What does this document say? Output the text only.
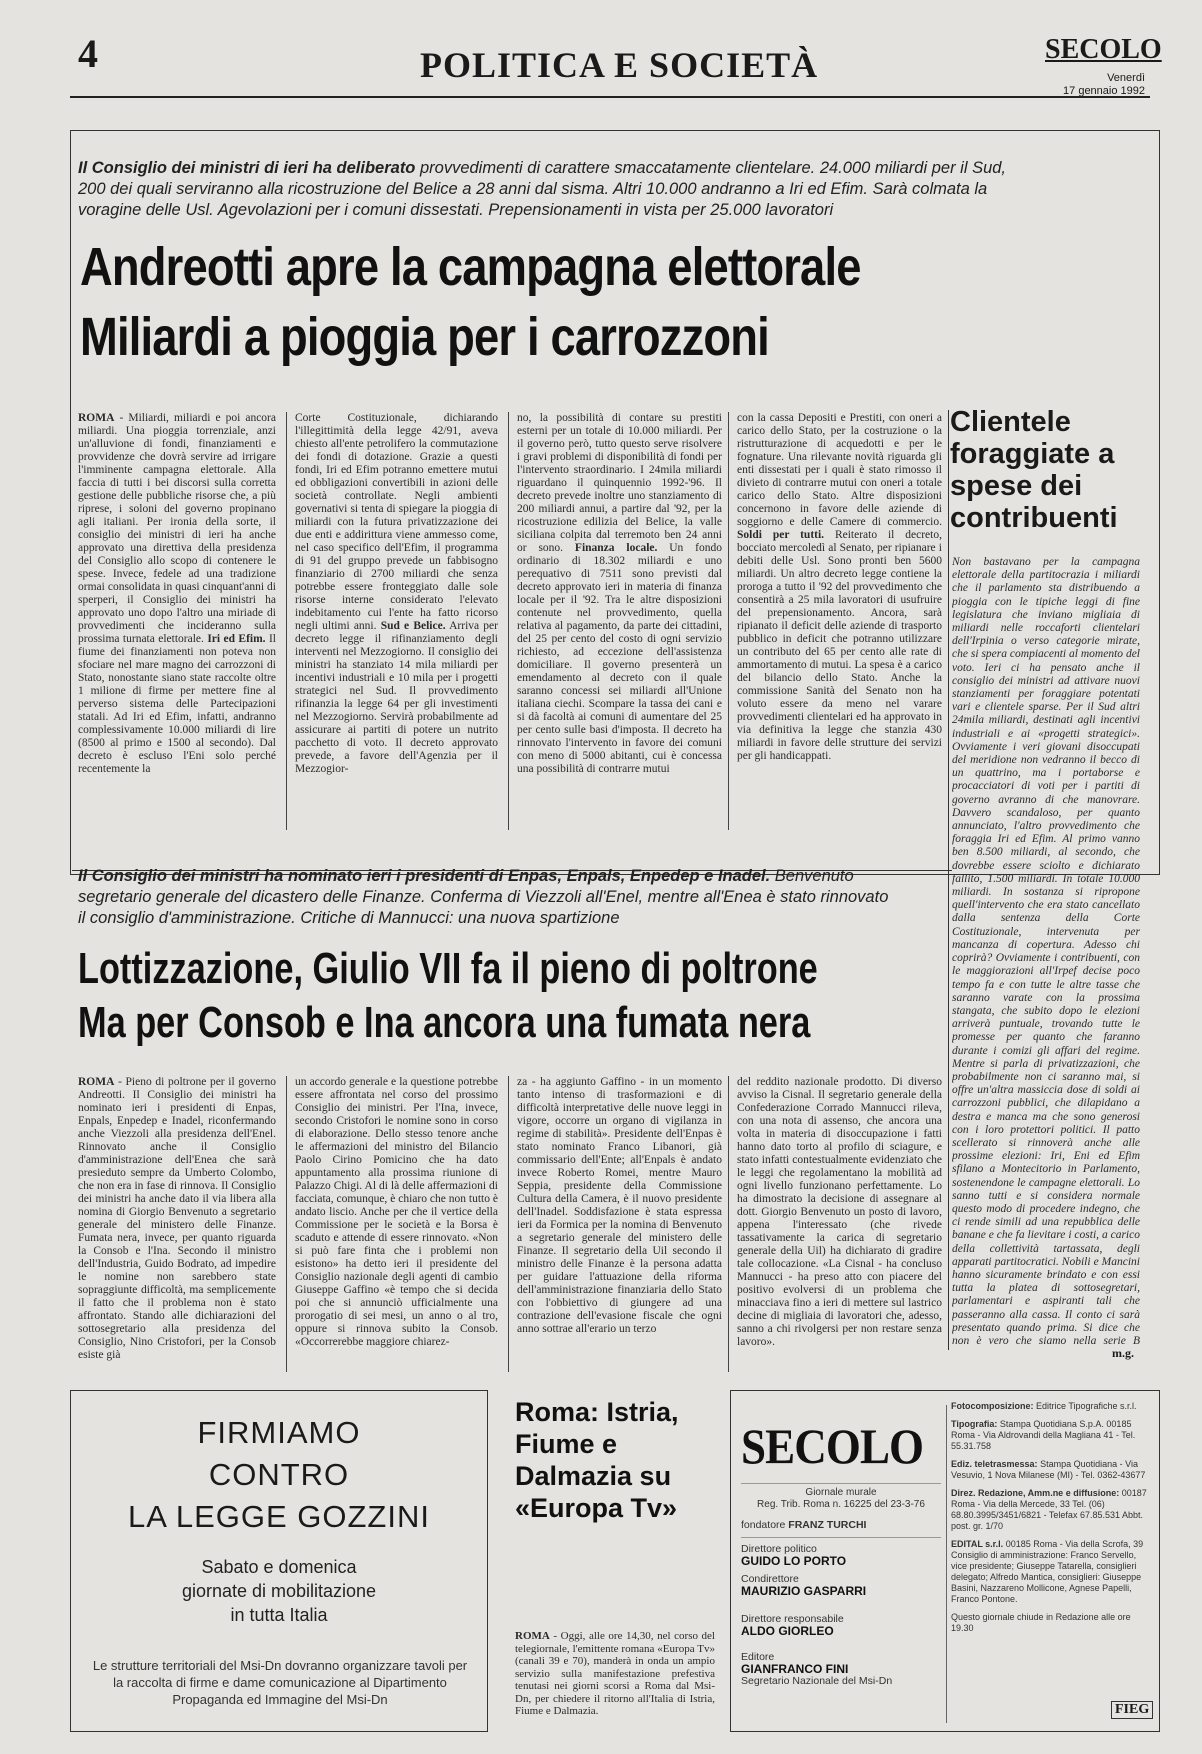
4	POLITICA E SOCIETÀ	SECOLO
Venerdì
17 gennaio 1992
Il Consiglio dei ministri di ieri ha deliberato provvedimenti di carattere smaccatamente clientelare. 24.000 miliardi per il Sud, 200 dei quali serviranno alla ricostruzione del Belice a 28 anni dal sisma. Altri 10.000 andranno a Iri ed Efim. Sarà colmata la voragine delle Usl. Agevolazioni per i comuni dissestati. Prepensionamenti in vista per 25.000 lavoratori
Andreotti apre la campagna elettorale
Miliardi a pioggia per i carrozzoni
ROMA - Miliardi, miliardi e poi ancora miliardi. Una pioggia torrenziale, anzi un'alluvione di fondi, finanziamenti e provvidenze che dovrà servire ad irrigare l'imminente campagna elettorale. Alla faccia di tutti i bei discorsi sulla corretta gestione delle pubbliche risorse che, a più riprese, i soloni del governo propinano agli italiani. Per ironia della sorte, il consiglio dei ministri di ieri ha anche approvato una direttiva della presidenza del Consiglio allo scopo di contenere le spese. Invece, fedele ad una tradizione ormai consolidata in quasi cinquant'anni di sperperi, il Consiglio dei ministri ha approvato uno dopo l'altro una miriade di provvedimenti che incideranno sulla prossima turnata elettorale. Iri ed Efim. Il fiume dei finanziamenti non poteva non sfociare nel mare magno dei carrozzoni di Stato, nonostante siano state raccolte oltre 1 milione di firme per mettere fine al perverso sistema delle Partecipazioni statali. Ad Iri ed Efim, infatti, andranno complessivamente 10.000 miliardi di lire (8500 al primo e 1500 al secondo). Dal decreto è escluso l'Eni solo perché recentemente la
Corte Costituzionale, dichiarando l'illegittimità della legge 42/91, aveva chiesto all'ente petrolifero la commutazione dei fondi di dotazione. Grazie a questi fondi, Iri ed Efim potranno emettere mutui ed obbligazioni convertibili in azioni delle società controllate. Negli ambienti governativi si tenta di spiegare la pioggia di miliardi con la futura privatizzazione dei due enti e addirittura viene ammesso come, nel caso specifico dell'Efim, il programma di 91 del gruppo prevede un fabbisogno finanziario di 2700 miliardi che senza potrebbe essere fronteggiato dalle sole risorse interne considerato l'elevato indebitamento cui l'ente ha fatto ricorso negli ultimi anni. Sud e Belice. Arriva per decreto legge il rifinanziamento degli interventi nel Mezzogiorno. Il consiglio dei ministri ha stanziato 14 mila miliardi per incentivi industriali e 10 mila per i progetti strategici nel Sud. Il provvedimento rifinanzia la legge 64 per gli investimenti nel Mezzogiorno. Servirà probabilmente ad assicurare ai partiti di potere un nutrito pacchetto di voto. Il decreto approvato prevede, a favore dell'Agenzia per il Mezzogior-
no, la possibilità di contare su prestiti esterni per un totale di 10.000 miliardi. Per il governo però, tutto questo serve risolvere i gravi problemi di disponibilità di fondi per l'intervento straordinario. I 24mila miliardi riguardano il quinquennio 1992-'96. Il decreto prevede inoltre uno stanziamento di 200 miliardi annui, a partire dal '92, per la ricostruzione edilizia del Belice, la valle siciliana colpita dal terremoto ben 24 anni or sono. Finanza locale. Un fondo ordinario di 18.302 miliardi e uno perequativo di 7511 sono previsti dal decreto approvato ieri in materia di finanza locale per il '92. Tra le altre disposizioni contenute nel provvedimento, quella relativa al pagamento, da parte dei cittadini, del 25 per cento del costo di ogni servizio richiesto, ad eccezione dell'assistenza domiciliare. Il governo presenterà un emendamento al decreto con il quale saranno concessi sei miliardi all'Unione italiana ciechi. Scompare la tassa dei cani e si dà facoltà ai comuni di aumentare del 25 per cento sulle basi d'imposta. Il decreto ha rinnovato l'intervento in favore dei comuni con meno di 5000 abitanti, cui è concessa una possibilità di contrarre mutui
con la cassa Depositi e Prestiti, con oneri a carico dello Stato, per la costruzione o la ristrutturazione di acquedotti e per le fognature. Una rilevante novità riguarda gli enti dissestati per i quali è stato rimosso il divieto di contrarre mutui con oneri a totale carico dello Stato. Altre disposizioni concernono in favore delle aziende di soggiorno e delle Camere di commercio. Soldi per tutti. Reiterato il decreto, bocciato mercoledì al Senato, per ripianare i debiti delle Usl. Sono pronti ben 5600 miliardi. Un altro decreto legge contiene la proroga a tutto il '92 del provvedimento che consentirà a 25 mila lavoratori di usufruire del prepensionamento. Ancora, sarà ripianato il deficit delle aziende di trasporto pubblico in deficit che potranno utilizzare un contributo del 65 per cento alle rate di ammortamento di mutui. La spesa è a carico del bilancio dello Stato. Anche la commissione Sanità del Senato non ha voluto essere da meno nel varare provvedimenti clientelari ed ha approvato in via definitiva la legge che stanzia 430 miliardi in favore delle strutture dei servizi per gli handicappati.
Clientele foraggiate a spese dei contribuenti
Non bastavano per la campagna elettorale della partitocrazia i miliardi che il parlamento sta distribuendo a pioggia con le tipiche leggi di fine legislatura che inviano migliaia di miliardi nelle roccaforti clientelari dell'Irpinia o verso categorie mirate, che si spera compiacenti al momento del voto. Ieri ci ha pensato anche il consiglio dei ministri ad attivare nuovi stanziamenti per foraggiare potentati vari e clientele sparse. Per il Sud altri 24mila miliardi, destinati agli incentivi industriali e ai «progetti strategici». Ovviamente i veri giovani disoccupati del meridione non vedranno il becco di un quattrino, ma i portaborse e procacciatori di voti per i partiti di governo avranno di che manovrare. Davvero scandaloso, per quanto annunciato, l'altro provvedimento che foraggia Iri ed Efim. Al primo vanno ben 8.500 miliardi, al secondo, che dovrebbe essere sciolto e dichiarato fallito, 1.500 miliardi. In totale 10.000 miliardi. In sostanza si ripropone quell'intervento che era stato cancellato dalla sentenza della Corte Costituzionale, intervenuta per mancanza di copertura. Adesso chi coprirà? Ovviamente i contribuenti, con le maggiorazioni all'Irpef decise poco tempo fa e con tutte le altre tasse che saranno varate con la prossima stangata, che subito dopo le elezioni arriverà puntuale, trovando tutte le promesse per quanto che faranno durante i comizi gli affari del regime. Mentre si parla di privatizzazioni, che probabilmente non ci saranno mai, si offre un'altra massiccia dose di soldi ai carrozzoni pubblici, che dilapidano a destra e manca ma che sono generosi con i loro protettori politici. Il patto scellerato si rinnoverà anche alle prossime elezioni: Iri, Eni ed Efim sfilano a Montecitorio in Parlamento, sostenendone le campagne elettorali. Lo sanno tutti e si considera normale questo modo di procedere indegno, che ci rende simili ad una repubblica delle banane e che fa lievitare i costi, a carico della collettività tartassata, degli apparati partitocratici. Nobili e Mancini hanno sicuramente brindato e con essi tutta la platea di sottosegretari, parlamentari e aspiranti tali che passeranno alla cassa. Il conto ci sarà presentato quando prima. Si dice che non è vero che siamo nella serie B
m.g.
Il Consiglio dei ministri ha nominato ieri i presidenti di Enpas, Enpals, Enpedep e Inadel. Benvenuto segretario generale del dicastero delle Finanze. Conferma di Viezzoli all'Enel, mentre all'Enea è stato rinnovato il consiglio d'amministrazione. Critiche di Mannucci: una nuova spartizione
Lottizzazione, Giulio VII fa il pieno di poltrone
Ma per Consob e Ina ancora una fumata nera
ROMA - Pieno di poltrone per il governo Andreotti. Il Consiglio dei ministri ha nominato ieri i presidenti di Enpas, Enpals, Enpedep e Inadel, riconfermando anche Viezzoli alla presidenza dell'Enel. Rinnovato anche il Consiglio d'amministrazione dell'Enea che sarà presieduto sempre da Umberto Colombo, che non era in fase di rinnova. Il Consiglio dei ministri ha anche dato il via libera alla nomina di Giorgio Benvenuto a segretario generale del ministero delle Finanze. Fumata nera, invece, per quanto riguarda la Consob e l'Ina. Secondo il ministro dell'Industria, Guido Bodrato, ad impedire le nomine non sarebbero state sopraggiunte difficoltà, ma semplicemente il fatto che il problema non è stato affrontato. Stando alle dichiarazioni del sottosegretario alla presidenza del Consiglio, Nino Cristofori, per la Consob esiste già
un accordo generale e la questione potrebbe essere affrontata nel corso del prossimo Consiglio dei ministri. Per l'Ina, invece, secondo Cristofori le nomine sono in corso di elaborazione. Dello stesso tenore anche le affermazioni del ministro del Bilancio Paolo Cirino Pomicino che ha dato appuntamento alla prossima riunione di Palazzo Chigi. Al di là delle affermazioni di facciata, comunque, è chiaro che non tutto è andato liscio. Anche per che il vertice della Commissione per le società e la Borsa è scaduto e attende di essere rinnovato. «Non si può fare finta che i problemi non esistono» ha detto ieri il presidente del Consiglio nazionale degli agenti di cambio Giuseppe Gaffino «è tempo che si decida poi che si annunciò ufficialmente una prorogatio di sei mesi, un anno o al tro, oppure si rinnova subito la Consob. «Occorrerebbe maggiore chiarez-
za - ha aggiunto Gaffino - in un momento tanto intenso di trasformazioni e di difficoltà interpretative delle nuove leggi in vigore, occorre un organo di vigilanza in regime di stabilità». Presidente dell'Enpas è stato nominato Franco Libanori, già commissario dell'Ente; all'Enpals è andato invece Roberto Romei, mentre Mauro Seppia, presidente della Commissione Cultura della Camera, è il nuovo presidente dell'Inadel. Soddisfazione è stata espressa ieri da Formica per la nomina di Benvenuto a segretario generale del ministero delle Finanze. Il segretario della Uil secondo il ministro delle Finanze è la persona adatta per guidare l'attuazione della riforma dell'amministrazione finanziaria dello Stato con l'obbiettivo di giungere ad una contrazione dell'evasione fiscale che ogni anno sottrae all'erario un terzo
del reddito nazionale prodotto. Di diverso avviso la Cisnal. Il segretario generale della Confederazione Corrado Mannucci rileva, con una nota di assenso, che ancora una volta in materia di disoccupazione i fatti hanno dato torto al profilo di sciagure, e stato infatti contestualmente evidenziato che le leggi che regolamentano la mobilità ad ogni livello funzionano perfettamente. Lo ha dimostrato la decisione di assegnare al dott. Giorgio Benvenuto un posto di lavoro, appena l'interessato (che rivede tassativamente la carica di segretario generale della Uil) ha dichiarato di gradire tale collocazione. «La Cisnal - ha concluso Mannucci - ha preso atto con piacere del positivo evolversi di un problema che minacciava fino a ieri di mettere sul lastrico decine di migliaia di lavoratori che, adesso, sanno a chi rivolgersi per non restare senza lavoro».
FIRMIAMO
CONTRO
LA LEGGE GOZZINI
Sabato e domenica
giornate di mobilitazione
in tutta Italia
Le strutture territoriali del Msi-Dn dovranno organizzare tavoli per la raccolta di firme e dame comunicazione al Dipartimento Propaganda ed Immagine del Msi-Dn
Roma: Istria, Fiume e Dalmazia su «Europa Tv»
ROMA - Oggi, alle ore 14,30, nel corso del telegiornale, l'emittente romana «Europa Tv» (canali 39 e 70), manderà in onda un ampio servizio sulla manifestazione prefestiva tenutasi nei giorni scorsi a Roma dal Msi-Dn, per chiedere il ritorno all'Italia di Istria, Fiume e Dalmazia.
SECOLO
Giornale murale
Reg. Trib. Roma n. 16225 del 23-3-76
fondatore FRANZ TURCHI
Direttore politico
GUIDO LO PORTO
Condirettore
MAURIZIO GASPARRI
Direttore responsabile
ALDO GIORLEO
Editore
GIANFRANCO FINI
Segretario Nazionale del Msi-Dn

Fotocomposizione: Editrice Tipografiche s.r.l.

Tipografia: Stampa Quotidiana S.p.A. 00185 Roma - Via Aldrovandi della Magliana 41 - Tel. 55.31.758

Ediz. teletrasmessa: Stampa Quotidiana - Via Vesuvio, 1 Nova Milanese (MI) - Tel. 0362-43677

Direz. Redazione, Amm.ne e diffusione: 00187 Roma - Via della Mercede, 33 Tel. (06) 68.80.3995/3451/6821 - Telefax 67.85.531 Abbt. post. gr. 1/70

EDITAL s.r.l. 00185 Roma - Via della Scrofa, 39 Consiglio di amministrazione: Franco Servello, vice presidente; Giuseppe Tatarella, consiglieri delegato; Alfredo Mantica, consiglieri: Giuseppe Basini, Nazzareno Mollicone, Agnese Papelli, Franco Pontone.

Questo giornale chiude in Redazione alle ore 19.30

FIEG
